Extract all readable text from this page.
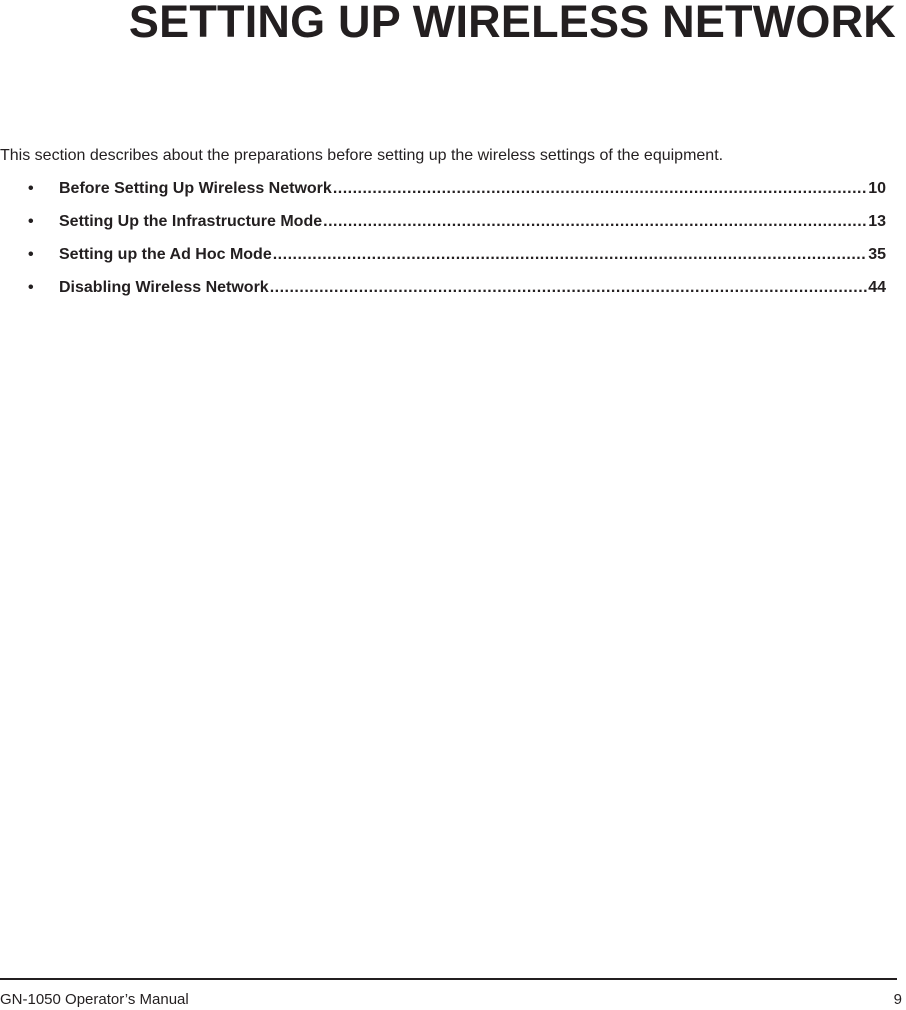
SETTING UP WIRELESS NETWORK

This section describes about the preparations before setting up the wireless settings of the equipment.

•	Before Setting Up Wireless Network .....	10
•	Setting Up the Infrastructure Mode .....	13
•	Setting up the Ad Hoc Mode .....	35
•	Disabling Wireless Network .....	44
GN-1050 Operator’s Manual	9
